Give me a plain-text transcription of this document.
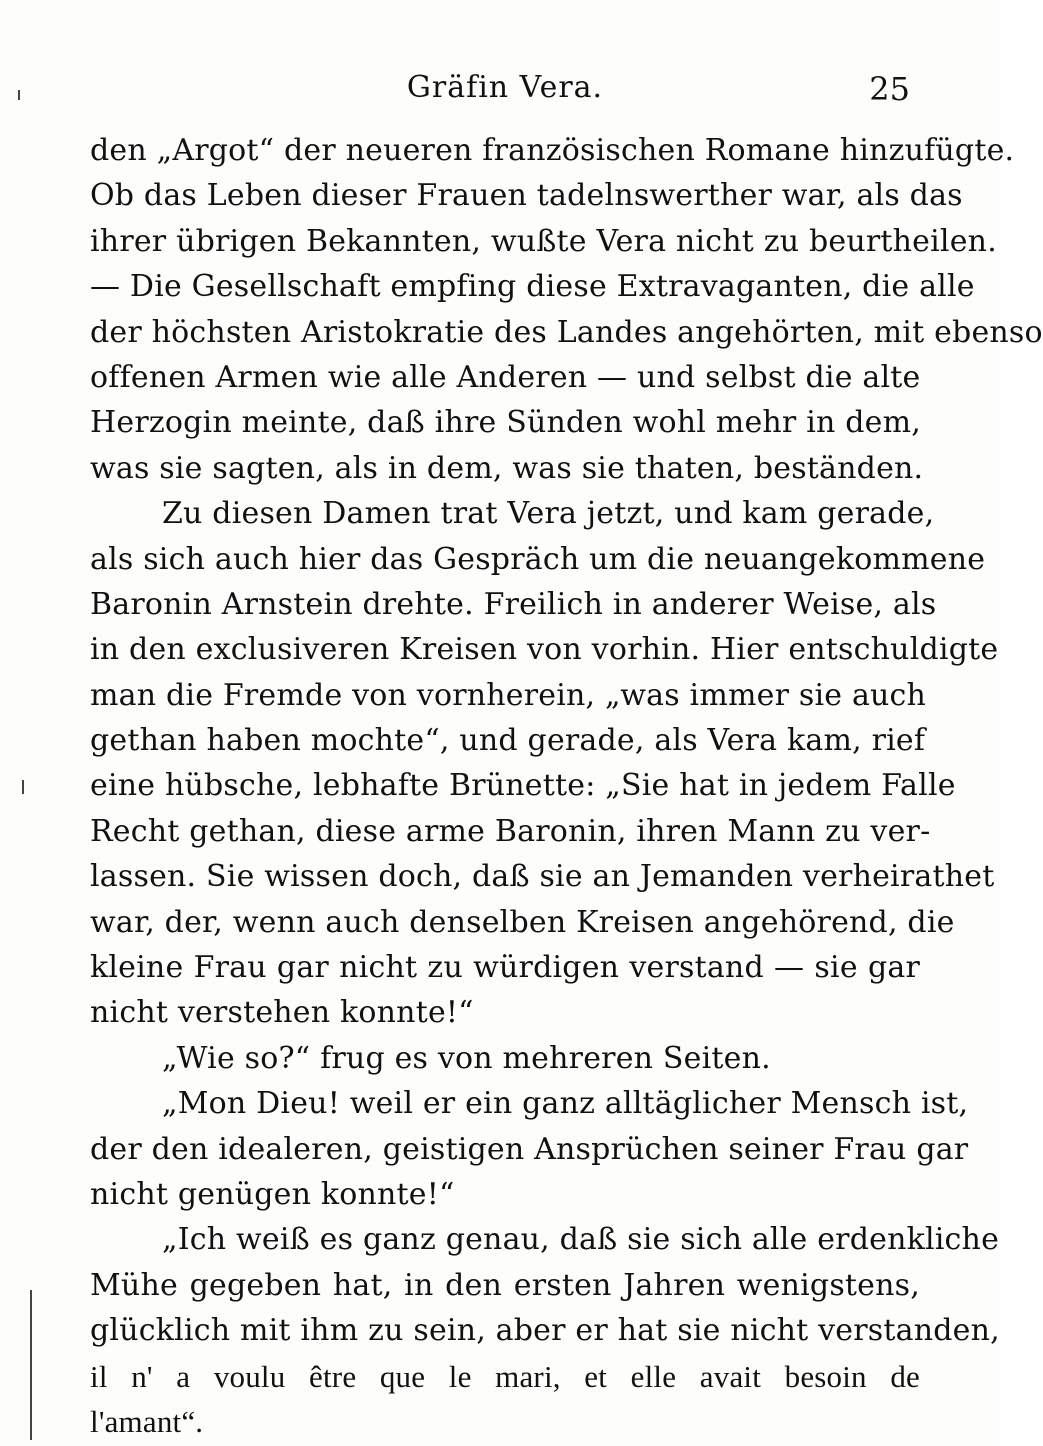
Gräfin Vera.	25
den „Argot“ der neueren französischen Romane hinzufügte.
Ob das Leben dieser Frauen tadelnswerther war, als das
ihrer übrigen Bekannten, wußte Vera nicht zu beurtheilen.
— Die Gesellschaft empfing diese Extravaganten, die alle
der höchsten Aristokratie des Landes angehörten, mit ebenso
offenen Armen wie alle Anderen — und selbst die alte
Herzogin meinte, daß ihre Sünden wohl mehr in dem,
was sie sagten, als in dem, was sie thaten, beständen.
Zu diesen Damen trat Vera jetzt, und kam gerade,
als sich auch hier das Gespräch um die neuangekommene
Baronin Arnstein drehte. Freilich in anderer Weise, als
in den exclusiveren Kreisen von vorhin. Hier entschuldigte
man die Fremde von vornherein, „was immer sie auch
gethan haben mochte“, und gerade, als Vera kam, rief
eine hübsche, lebhafte Brünette: „Sie hat in jedem Falle
Recht gethan, diese arme Baronin, ihren Mann zu ver-
lassen. Sie wissen doch, daß sie an Jemanden verheirathet
war, der, wenn auch denselben Kreisen angehörend, die
kleine Frau gar nicht zu würdigen verstand — sie gar
nicht verstehen konnte!“
„Wie so?“ frug es von mehreren Seiten.
„Mon Dieu! weil er ein ganz alltäglicher Mensch ist,
der den idealeren, geistigen Ansprüchen seiner Frau gar
nicht genügen konnte!“
„Ich weiß es ganz genau, daß sie sich alle erdenkliche
Mühe gegeben hat, in den ersten Jahren wenigstens,
glücklich mit ihm zu sein, aber er hat sie nicht verstanden,
il n' a voulu être que le mari, et elle avait besoin de
l'amant“.
